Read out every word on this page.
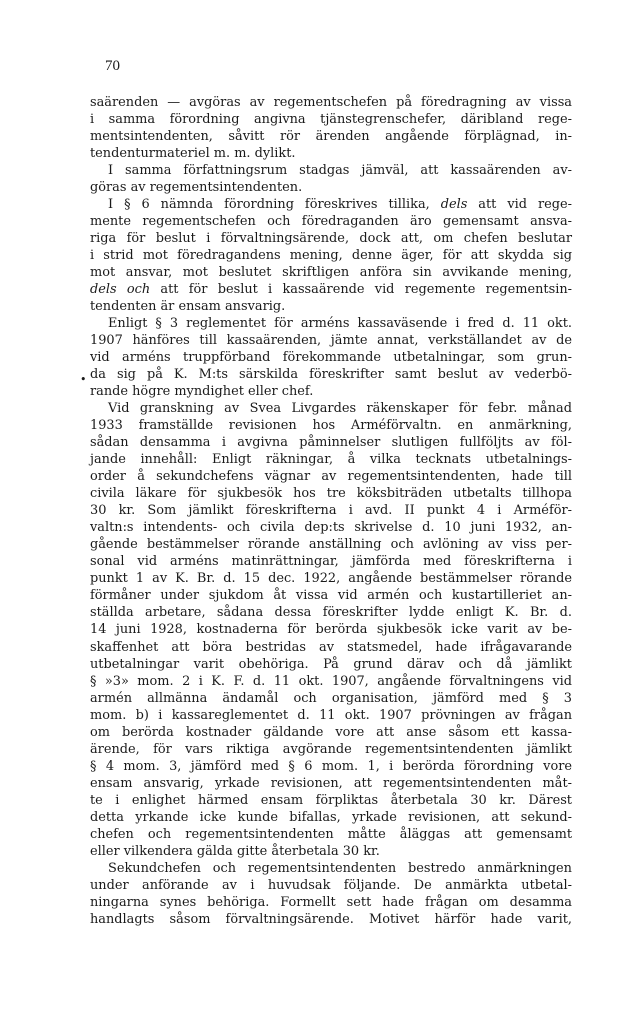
70
•
saärenden — avgöras av regementschefen på föredragning av vissa
i samma förordning angivna tjänstegrenschefer, däribland rege-
mentsintendenten, såvitt rör ärenden angående förplägnad, in-
tendenturmateriel m. m. dylikt.
I samma författningsrum stadgas jämväl, att kassaärenden av-
göras av regementsintendenten.
I § 6 nämnda förordning föreskrives tillika, dels att vid rege-
mente regementschefen och föredraganden äro gemensamt ansva-
riga för beslut i förvaltningsärende, dock att, om chefen beslutar
i strid mot föredragandens mening, denne äger, för att skydda sig
mot ansvar, mot beslutet skriftligen anföra sin avvikande mening,
dels och att för beslut i kassaärende vid regemente regementsin-
tendenten är ensam ansvarig.
Enligt § 3 reglementet för arméns kassaväsende i fred d. 11 okt.
1907 hänföres till kassaärenden, jämte annat, verkställandet av de
vid arméns truppförband förekommande utbetalningar, som grun-
da sig på K. M:ts särskilda föreskrifter samt beslut av vederbö-
rande högre myndighet eller chef.
Vid granskning av Svea Livgardes räkenskaper för febr. månad
1933 framställde revisionen hos Arméförvaltn. en anmärkning,
sådan densamma i avgivna påminnelser slutligen fullföljts av föl-
jande innehåll: Enligt räkningar, å vilka tecknats utbetalnings-
order å sekundchefens vägnar av regementsintendenten, hade till
civila läkare för sjukbesök hos tre köksbiträden utbetalts tillhopa
30 kr. Som jämlikt föreskrifterna i avd. II punkt 4 i Arméför-
valtn:s intendents- och civila dep:ts skrivelse d. 10 juni 1932, an-
gående bestämmelser rörande anställning och avlöning av viss per-
sonal vid arméns matinrättningar, jämförda med föreskrifterna i
punkt 1 av K. Br. d. 15 dec. 1922, angående bestämmelser rörande
förmåner under sjukdom åt vissa vid armén och kustartilleriet an-
ställda arbetare, sådana dessa föreskrifter lydde enligt K. Br. d.
14 juni 1928, kostnaderna för berörda sjukbesök icke varit av be-
skaffenhet att böra bestridas av statsmedel, hade ifrågavarande
utbetalningar varit obehöriga. På grund därav och då jämlikt
§ »3» mom. 2 i K. F. d. 11 okt. 1907, angående förvaltningens vid
armén allmänna ändamål och organisation, jämförd med § 3
mom. b) i kassareglementet d. 11 okt. 1907 prövningen av frågan
om berörda kostnader gäldande vore att anse såsom ett kassa-
ärende, för vars riktiga avgörande regementsintendenten jämlikt
§ 4 mom. 3, jämförd med § 6 mom. 1, i berörda förordning vore
ensam ansvarig, yrkade revisionen, att regementsintendenten måt-
te i enlighet härmed ensam förpliktas återbetala 30 kr. Därest
detta yrkande icke kunde bifallas, yrkade revisionen, att sekund-
chefen och regementsintendenten måtte åläggas att gemensamt
eller vilkendera gälda gitte återbetala 30 kr.
Sekundchefen och regementsintendenten bestredo anmärkningen
under anförande av i huvudsak följande. De anmärkta utbetal-
ningarna synes behöriga. Formellt sett hade frågan om desamma
handlagts såsom förvaltningsärende. Motivet härför hade varit,
